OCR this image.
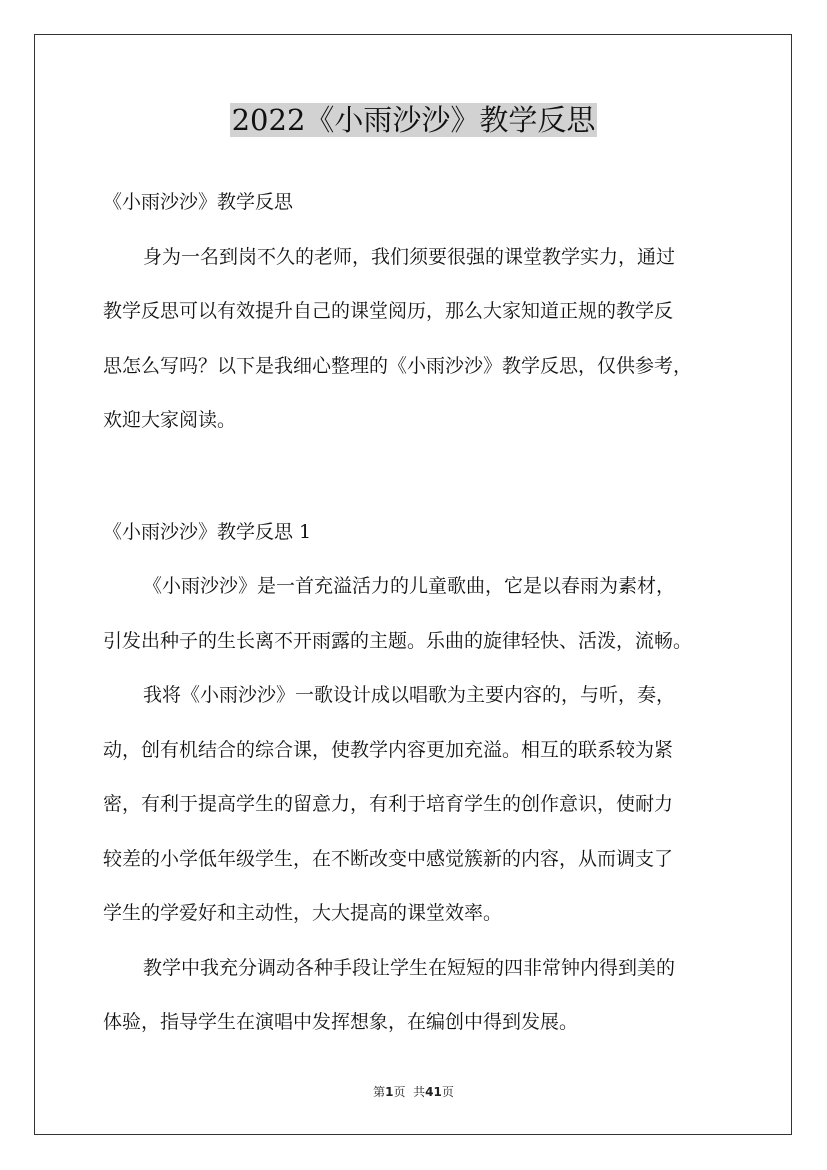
2022《小雨沙沙》教学反思

《小雨沙沙》教学反思

身为一名到岗不久的老师，我们须要很强的课堂教学实力，通过

教学反思可以有效提升自己的课堂阅历，那么大家知道正规的教学反

思怎么写吗？以下是我细心整理的《小雨沙沙》教学反思，仅供参考，

欢迎大家阅读。

《小雨沙沙》教学反思 1

《小雨沙沙》是一首充溢活力的儿童歌曲，它是以春雨为素材，

引发出种子的生长离不开雨露的主题。乐曲的旋律轻快、活泼，流畅。

我将《小雨沙沙》一歌设计成以唱歌为主要内容的，与听，奏，

动，创有机结合的综合课，使教学内容更加充溢。相互的联系较为紧

密，有利于提高学生的留意力，有利于培育学生的创作意识，使耐力

较差的小学低年级学生，在不断改变中感觉簇新的内容，从而调支了

学生的学爱好和主动性，大大提高的课堂效率。

教学中我充分调动各种手段让学生在短短的四非常钟内得到美的

体验，指导学生在演唱中发挥想象，在编创中得到发展。

第1页 共41页
